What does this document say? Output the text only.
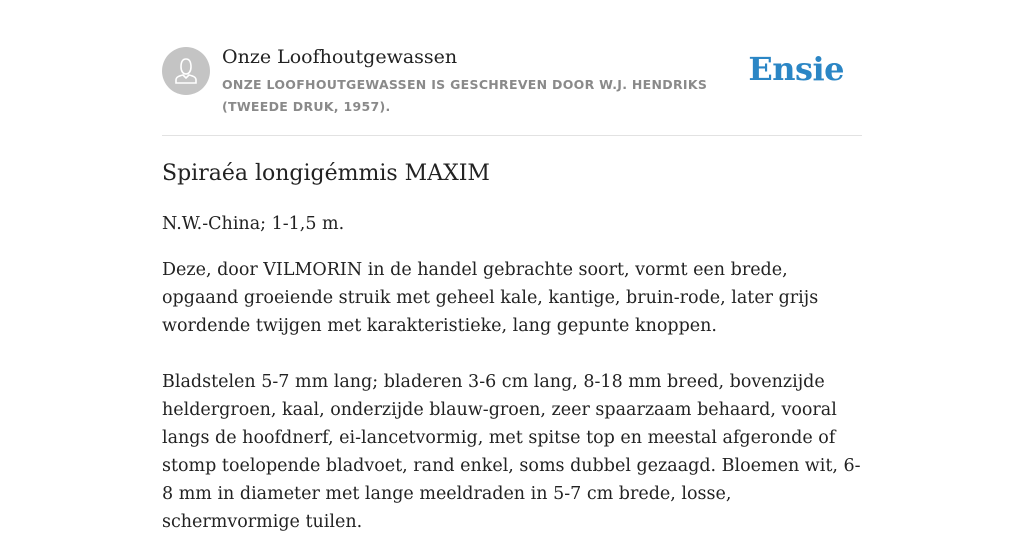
Onze Loofhoutgewassen
ONZE LOOFHOUTGEWASSEN IS GESCHREVEN DOOR W.J. HENDRIKS (TWEEDE DRUK, 1957).
Ensie
Spiraéa longigémmis MAXIM

N.W.-China; 1-1,5 m.

Deze, door VILMORIN in de handel gebrachte soort, vormt een brede, opgaand groeiende struik met geheel kale, kantige, bruin-rode, later grijs wordende twijgen met karakteristieke, lang gepunte knoppen.

Bladstelen 5-7 mm lang; bladeren 3-6 cm lang, 8-18 mm breed, bovenzijde heldergroen, kaal, onderzijde blauw-groen, zeer spaarzaam behaard, vooral langs de hoofdnerf, ei-lancetvormig, met spitse top en meestal afgeronde of stomp toelopende bladvoet, rand enkel, soms dubbel gezaagd. Bloemen wit, 6-8 mm in diameter met lange meeldraden in 5-7 cm brede, losse, schermvormige tuilen.
